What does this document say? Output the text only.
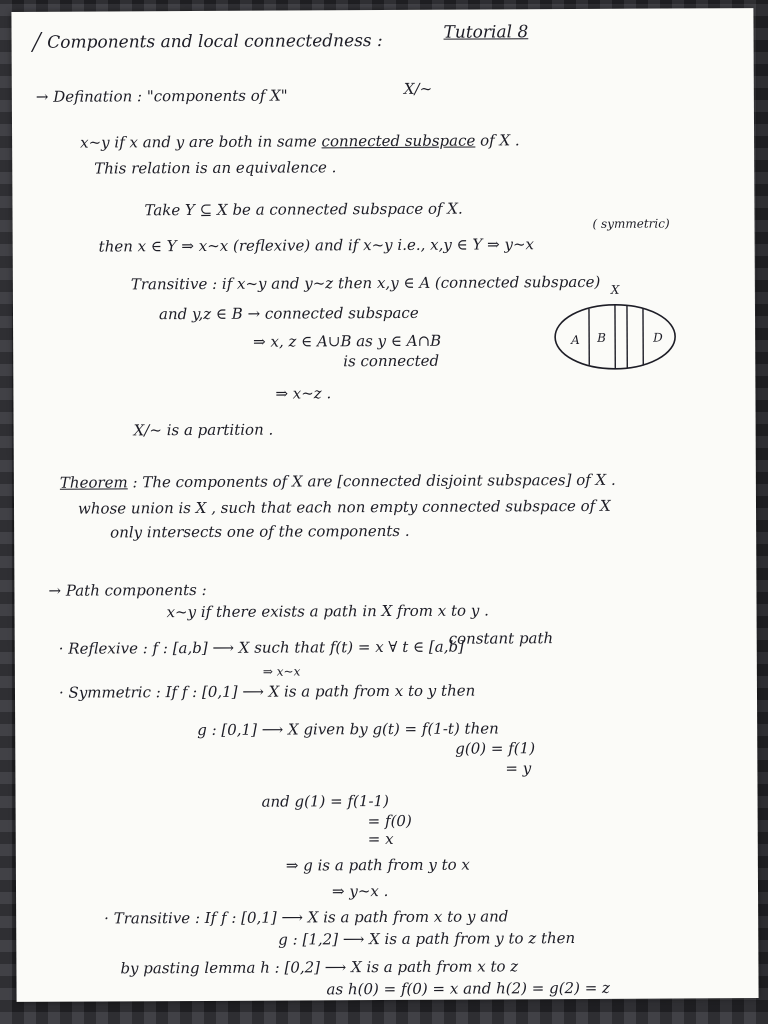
╱ Components and local connectedness :	Tutorial 8
→ Defination : "components of X"	X/~
x~y if x and y are both in same connected subspace of X .
This relation is an equivalence .
Take Y ⊆ X be a connected subspace of X.
then x ∈ Y ⇒ x~x (reflexive) and if x~y i.e., x,y ∈ Y ⇒ y~x
( symmetric)
Transitive : if x~y and y~z then x,y ∈ A (connected subspace)
and y,z ∈ B → connected subspace
⇒ x, z ∈ A∪B as y ∈ A∩B
is connected
⇒ x~z .
X
A B	D
X/~ is a partition .
Theorem : The components of X are [connected disjoint subspaces] of X .
whose union is X , such that each non empty connected subspace of X
only intersects one of the components .
→ Path components :
x~y if there exists a path in X from x to y .
· Reflexive : f : [a,b] ⟶ X such that f(t) = x ∀ t ∈ [a,b]
constant path
⇒ x~x
· Symmetric : If f : [0,1] ⟶ X is a path from x to y then
g : [0,1] ⟶ X given by g(t) = f(1-t) then
g(0) = f(1)
= y
and g(1) = f(1-1)
= f(0)
= x
⇒ g is a path from y to x
⇒ y~x .
· Transitive : If f : [0,1] ⟶ X is a path from x to y and
g : [1,2] ⟶ X is a path from y to z then
by pasting lemma h : [0,2] ⟶ X is a path from x to z
as h(0) = f(0) = x and h(2) = g(2) = z
